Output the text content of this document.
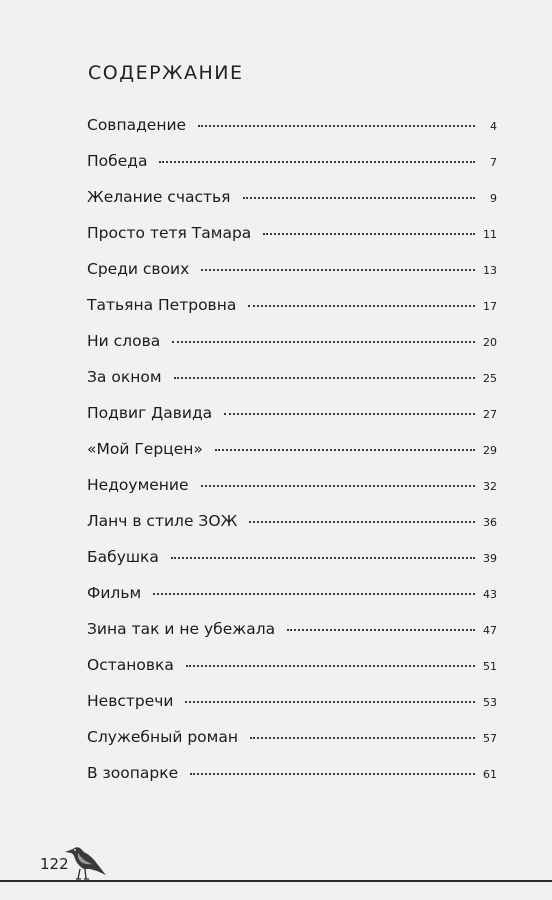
СОДЕРЖАНИЕ
Совпадение	4
Победа	7
Желание счастья	9
Просто тетя Тамара	11
Среди своих	13
Татьяна Петровна	17
Ни слова	20
За окном	25
Подвиг Давида	27
«Мой Герцен»	29
Недоумение	32
Ланч в стиле ЗОЖ	36
Бабушка	39
Фильм	43
Зина так и не убежала	47
Остановка	51
Невстречи	53
Служебный роман	57
В зоопарке	61
122
